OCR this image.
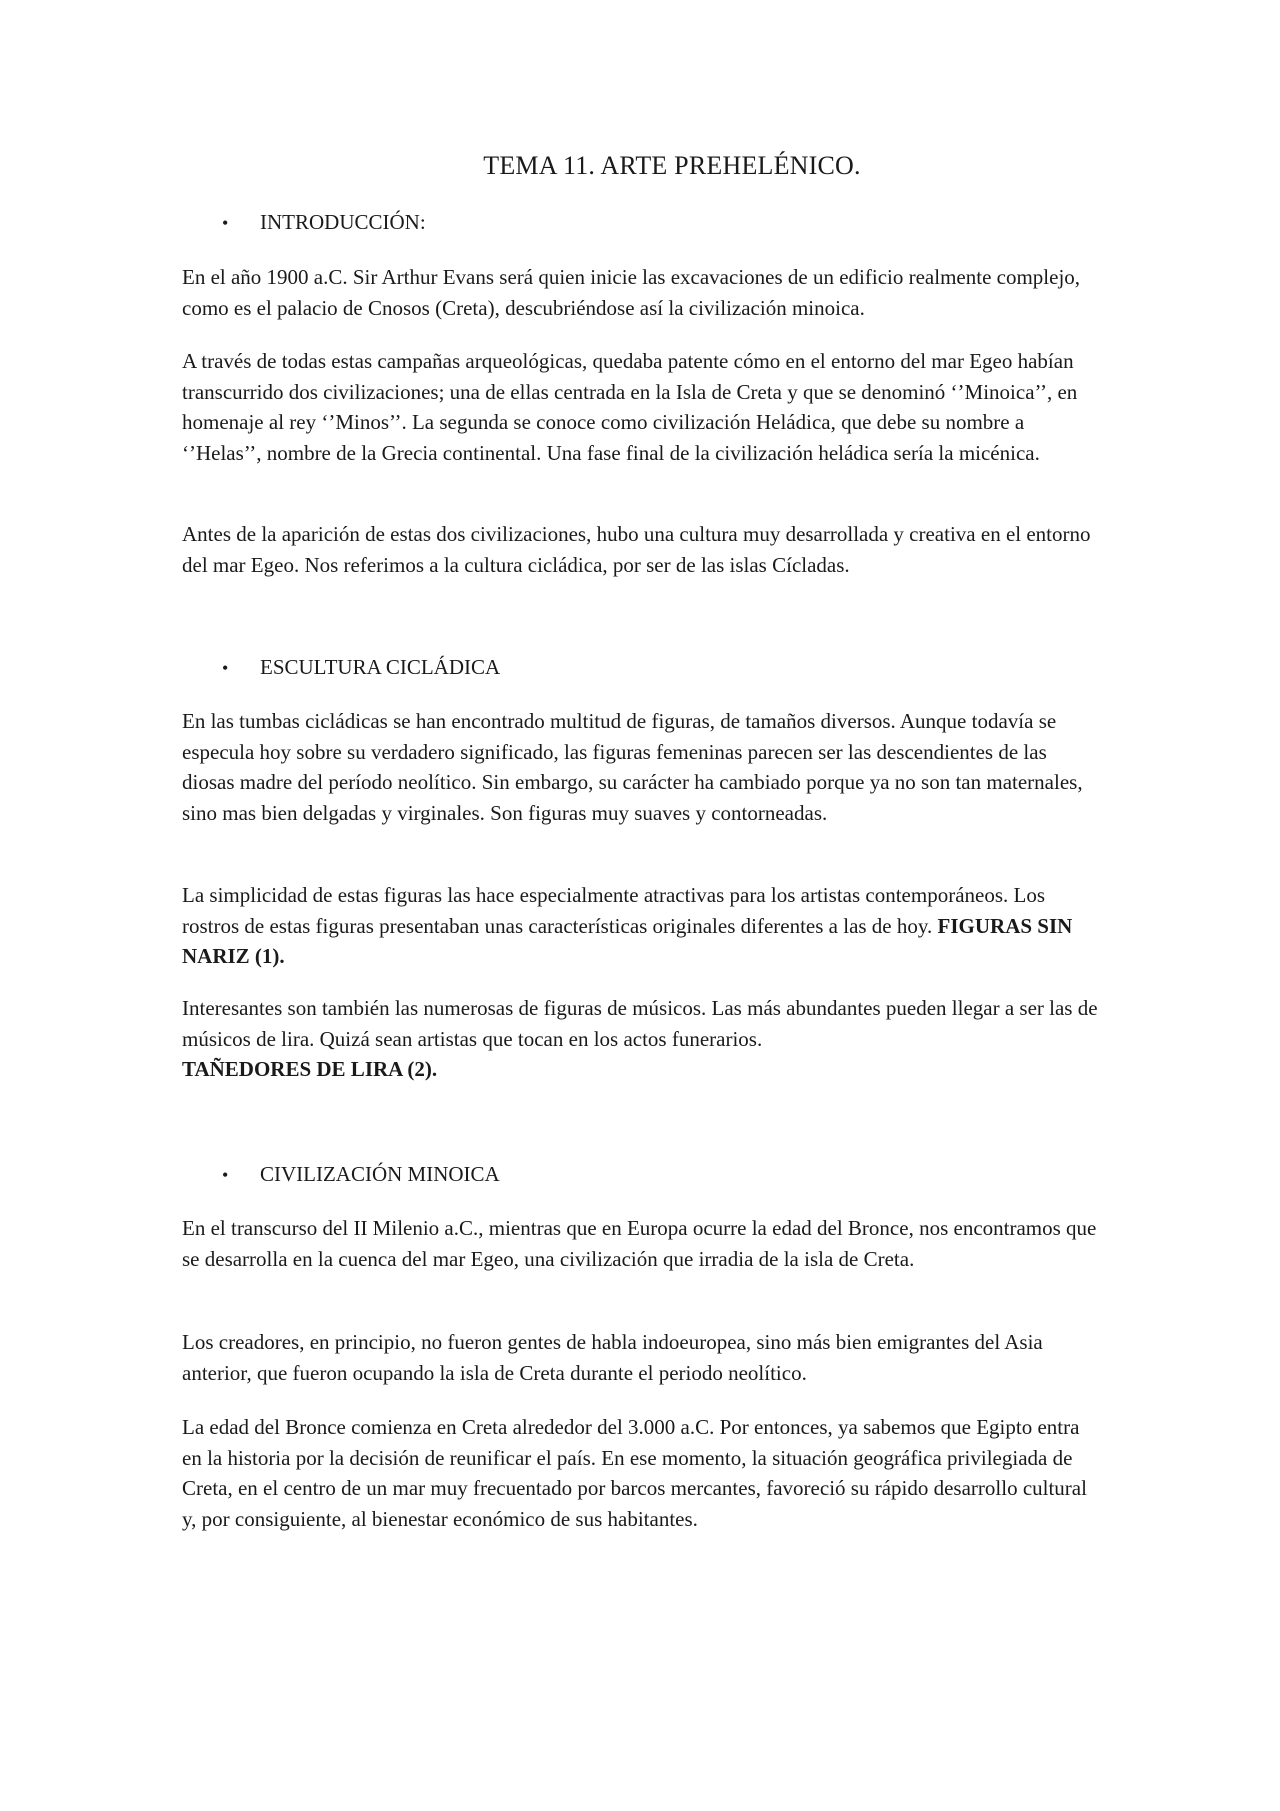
TEMA 11. ARTE PREHELÉNICO.
•	INTRODUCCIÓN:

En el año 1900 a.C. Sir Arthur Evans será quien inicie las excavaciones de un edificio realmente complejo, como es el palacio de Cnosos (Creta), descubriéndose así la civilización minoica.

A través de todas estas campañas arqueológicas, quedaba patente cómo en el entorno del mar Egeo habían transcurrido dos civilizaciones; una de ellas centrada en la Isla de Creta y que se denominó ‘’Minoica’’, en homenaje al rey ‘’Minos’’. La segunda se conoce como civilización Heládica, que debe su nombre a ‘’Helas’’, nombre de la Grecia continental. Una fase final de la civilización heládica sería la micénica.

Antes de la aparición de estas dos civilizaciones, hubo una cultura muy desarrollada y creativa en el entorno del mar Egeo. Nos referimos a la cultura cicládica, por ser de las islas Cícladas.

•	ESCULTURA CICLÁDICA

En las tumbas cicládicas se han encontrado multitud de figuras, de tamaños diversos. Aunque todavía se especula hoy sobre su verdadero significado, las figuras femeninas parecen ser las descendientes de las diosas madre del período neolítico. Sin embargo, su carácter ha cambiado porque ya no son tan maternales, sino mas bien delgadas y virginales. Son figuras muy suaves y contorneadas.

La simplicidad de estas figuras las hace especialmente atractivas para los artistas contemporáneos. Los rostros de estas figuras presentaban unas características originales diferentes a las de hoy. FIGURAS SIN NARIZ (1).

Interesantes son también las numerosas de figuras de músicos. Las más abundantes pueden llegar a ser las de músicos de lira. Quizá sean artistas que tocan en los actos funerarios.
TAÑEDORES DE LIRA (2).

•	CIVILIZACIÓN MINOICA

En el transcurso del II Milenio a.C., mientras que en Europa ocurre la edad del Bronce, nos encontramos que se desarrolla en la cuenca del mar Egeo, una civilización que irradia de la isla de Creta.

Los creadores, en principio, no fueron gentes de habla indoeuropea, sino más bien emigrantes del Asia anterior, que fueron ocupando la isla de Creta durante el periodo neolítico.

La edad del Bronce comienza en Creta alrededor del 3.000 a.C. Por entonces, ya sabemos que Egipto entra en la historia por la decisión de reunificar el país. En ese momento, la situación geográfica privilegiada de Creta, en el centro de un mar muy frecuentado por barcos mercantes, favoreció su rápido desarrollo cultural y, por consiguiente, al bienestar económico de sus habitantes.
